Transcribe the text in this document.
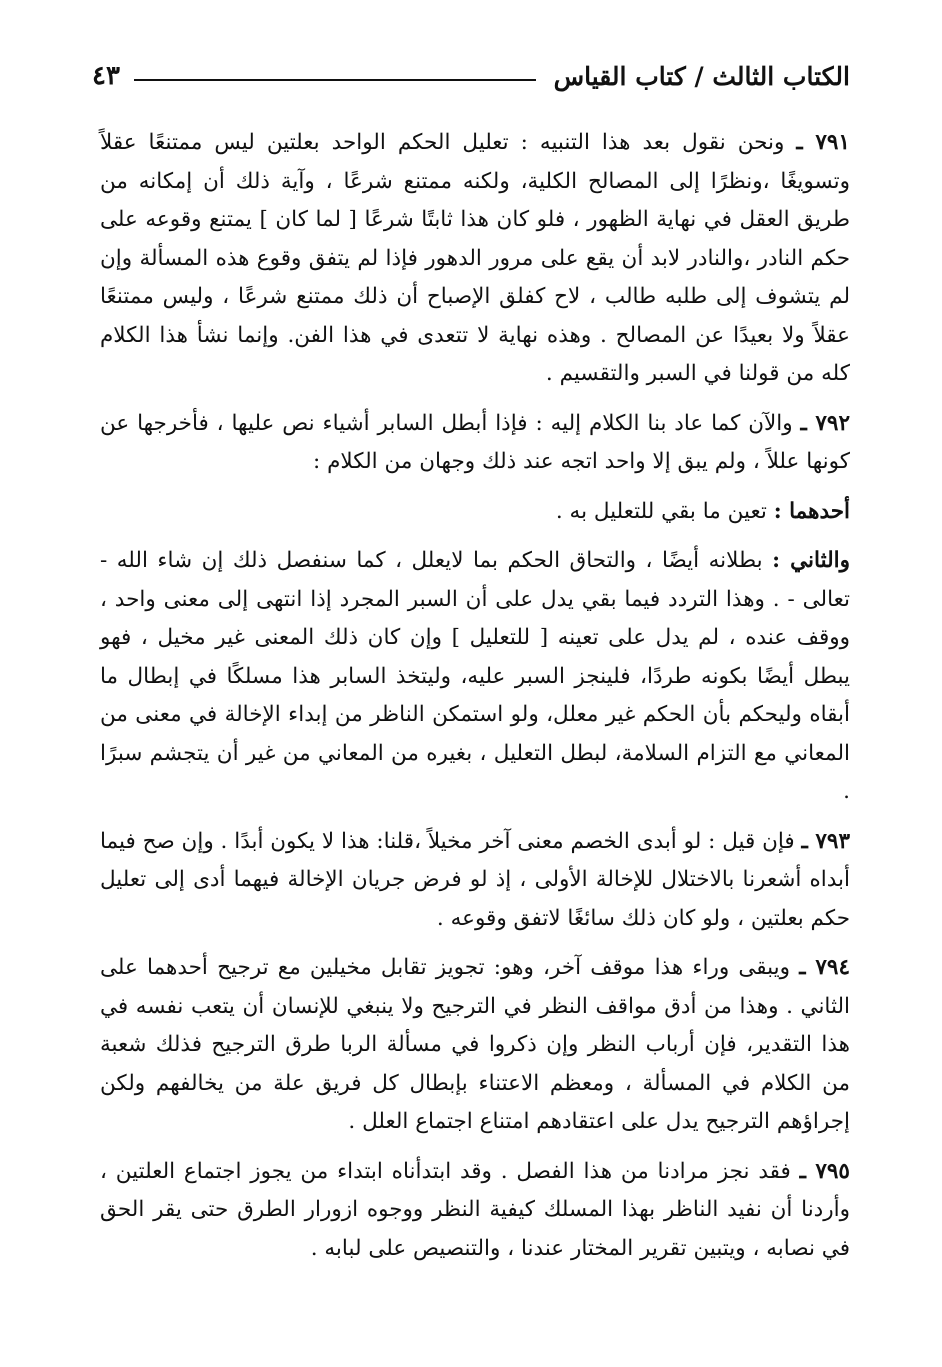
الكتاب الثالث / كتاب القياس
٤٣

٧٩١ ـ ونحن نقول بعد هذا التنبيه : تعليل الحكم الواحد بعلتين ليس ممتنعًا عقلاً وتسويغًا ،ونظرًا إلى المصالح الكلية، ولكنه ممتنع شرعًا ، وآية ذلك أن إمكانه من طريق العقل في نهاية الظهور ، فلو كان هذا ثابتًا شرعًا [ لما كان ] يمتنع وقوعه على حكم النادر ،والنادر لابد أن يقع على مرور الدهور فإذا لم يتفق وقوع هذه المسألة وإن لم يتشوف إلى طلبه طالب ، لاح كفلق الإصباح أن ذلك ممتنع شرعًا ، وليس ممتنعًا عقلاً ولا بعيدًا عن المصالح . وهذه نهاية لا تتعدى في هذا الفن. وإنما نشأ هذا الكلام كله من قولنا في السبر والتقسيم .

٧٩٢ ـ والآن كما عاد بنا الكلام إليه : فإذا أبطل السابر أشياء نص عليها ، فأخرجها عن كونها عللاً ، ولم يبق إلا واحد اتجه عند ذلك وجهان من الكلام :

أحدهما : تعين ما بقي للتعليل به .

والثاني : بطلانه أيضًا ، والتحاق الحكم بما لايعلل ، كما سنفصل ذلك إن شاء الله - تعالى - . وهذا التردد فيما بقي يدل على أن السبر المجرد إذا انتهى إلى معنى واحد ، ووقف عنده ، لم يدل على تعينه [ للتعليل ] وإن كان ذلك المعنى غير مخيل ، فهو يبطل أيضًا بكونه طردًا، فلينجز السبر عليه، وليتخذ السابر هذا مسلكًا في إبطال ما أبقاه وليحكم بأن الحكم غير معلل، ولو استمكن الناظر من إبداء الإخالة في معنى من المعاني مع التزام السلامة، لبطل التعليل ، بغيره من المعاني من غير أن يتجشم سبرًا .

٧٩٣ ـ فإن قيل : لو أبدى الخصم معنى آخر مخيلاً ،قلنا: هذا لا يكون أبدًا . وإن صح فيما أبداه أشعرنا بالاختلال للإخالة الأولى ، إذ لو فرض جريان الإخالة فيهما أدى إلى تعليل حكم بعلتين ، ولو كان ذلك سائغًا لاتفق وقوعه .

٧٩٤ ـ ويبقى وراء هذا موقف آخر، وهو: تجويز تقابل مخيلين مع ترجيح أحدهما على الثاني . وهذا من أدق مواقف النظر في الترجيح ولا ينبغي للإنسان أن يتعب نفسه في هذا التقدير، فإن أرباب النظر وإن ذكروا في مسألة الربا طرق الترجيح فذلك شعبة من الكلام في المسألة ، ومعظم الاعتناء بإبطال كل فريق علة من يخالفهم ولكن إجراؤهم الترجيح يدل على اعتقادهم امتناع اجتماع العلل .

٧٩٥ ـ فقد نجز مرادنا من هذا الفصل . وقد ابتدأناه ابتداء من يجوز اجتماع العلتين ، وأردنا أن نفيد الناظر بهذا المسلك كيفية النظر ووجوه ازورار الطرق حتى يقر الحق في نصابه ، ويتبين تقرير المختار عندنا ، والتنصيص على لبابه .
